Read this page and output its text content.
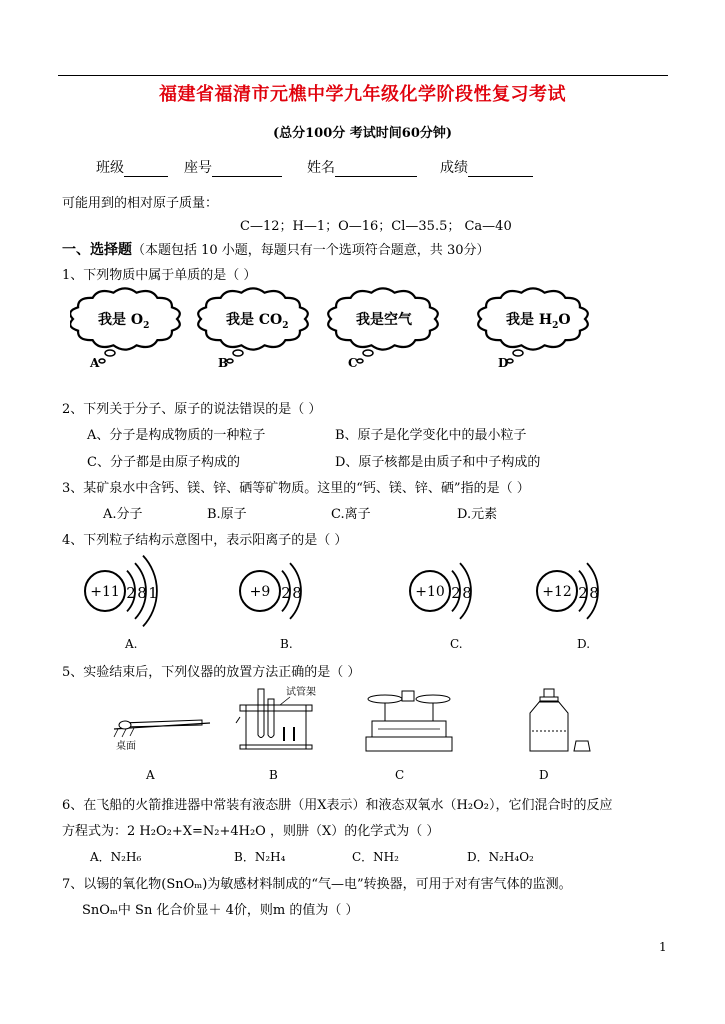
福建省福清市元樵中学九年级化学阶段性复习考试
(总分100分 考试时间60分钟)
班级	座号	姓名	成绩
可能用到的相对原子质量：
C—12；H—1；O—16；Cl—35.5； Ca—40
一、选择题（本题包括 10 小题，每题只有一个选项符合题意，共 30分）
1、下列物质中属于单质的是（ ）
我是 $O_2$
A
我是 $CO_2$
B
我是空气
C
我是 $H_2O$
D
2、下列关于分子、原子的说法错误的是（ ）
A、分子是构成物质的一种粒子	B、原子是化学变化中的最小粒子
C、分子都是由原子构成的	D、原子核都是由质子和中子构成的
3、某矿泉水中含钙、镁、锌、硒等矿物质。这里的“钙、镁、锌、硒”指的是（ ）
A.分子	B.原子	C.离子	D.元素
4、下列粒子结构示意图中，表示阳离子的是（ ）
+11 2 8 1
A.
+9 2 8
B.
+10 2 8
C.
+12 2 8
D.
5、实验结束后，下列仪器的放置方法正确的是（ ）
桌面
试管架
A	B	C	D
6、在飞船的火箭推进器中常装有液态肼（用X表示）和液态双氧水（H₂O₂），它们混合时的反应
方程式为：2 H₂O₂+X=N₂+4H₂O ，则肼（X）的化学式为（ ）
A．N₂H₆	B．N₂H₄	C．NH₂	D．N₂H₄O₂
7、以锡的氧化物(SnOₘ)为敏感材料制成的“气—电”转换器，可用于对有害气体的监测。
SnOₘ中 Sn 化合价显＋ 4价，则m 的值为（ ）
1
